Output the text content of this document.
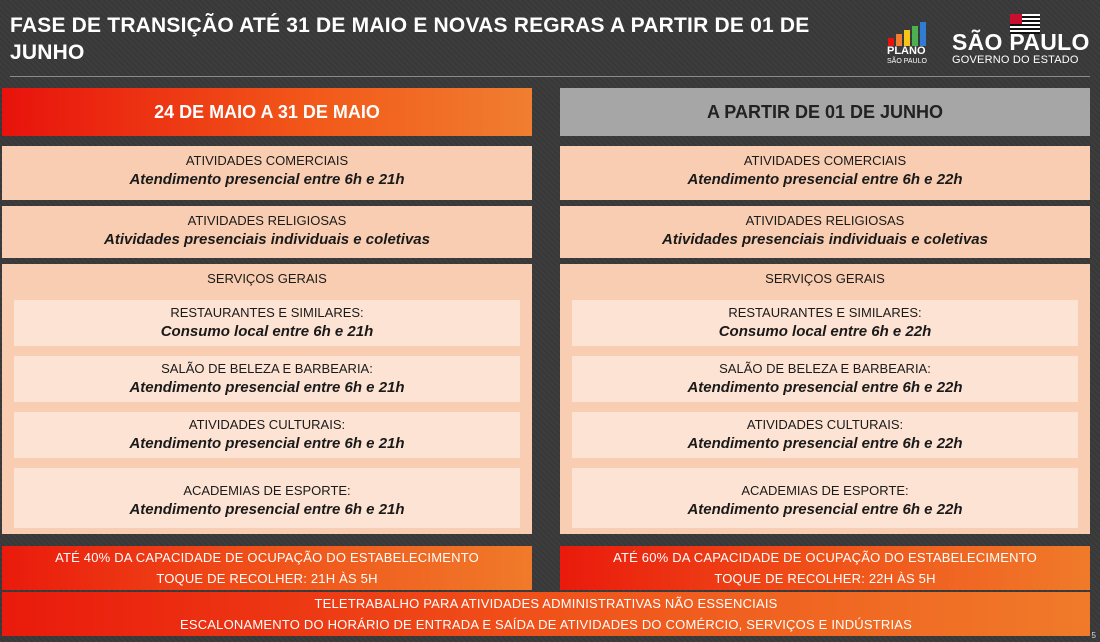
FASE DE TRANSIÇÃO ATÉ 31 DE MAIO E NOVAS REGRAS A PARTIR DE 01 DE JUNHO	PLANO
SÃO PAULO
SÃO PAULO
GOVERNO DO ESTADO
24 DE MAIO A 31 DE MAIO
ATIVIDADES COMERCIAIS
Atendimento presencial entre 6h e 21h
ATIVIDADES RELIGIOSAS
Atividades presenciais individuais e coletivas
SERVIÇOS GERAIS
RESTAURANTES E SIMILARES:
Consumo local entre 6h e 21h
SALÃO DE BELEZA E BARBEARIA:
Atendimento presencial entre 6h e 21h
ATIVIDADES CULTURAIS:
Atendimento presencial entre 6h e 21h
ACADEMIAS DE ESPORTE:
Atendimento presencial entre 6h e 21h
ATÉ 40% DA CAPACIDADE DE OCUPAÇÃO DO ESTABELECIMENTO
TOQUE DE RECOLHER: 21H ÀS 5H
A PARTIR DE 01 DE JUNHO
ATIVIDADES COMERCIAIS
Atendimento presencial entre 6h e 22h
ATIVIDADES RELIGIOSAS
Atividades presenciais individuais e coletivas
SERVIÇOS GERAIS
RESTAURANTES E SIMILARES:
Consumo local entre 6h e 22h
SALÃO DE BELEZA E BARBEARIA:
Atendimento presencial entre 6h e 22h
ATIVIDADES CULTURAIS:
Atendimento presencial entre 6h e 22h
ACADEMIAS DE ESPORTE:
Atendimento presencial entre 6h e 22h
ATÉ 60% DA CAPACIDADE DE OCUPAÇÃO DO ESTABELECIMENTO
TOQUE DE RECOLHER: 22H ÀS 5H
TELETRABALHO PARA ATIVIDADES ADMINISTRATIVAS NÃO ESSENCIAIS
ESCALONAMENTO DO HORÁRIO DE ENTRADA E SAÍDA DE ATIVIDADES DO COMÉRCIO, SERVIÇOS E INDÚSTRIAS
5
